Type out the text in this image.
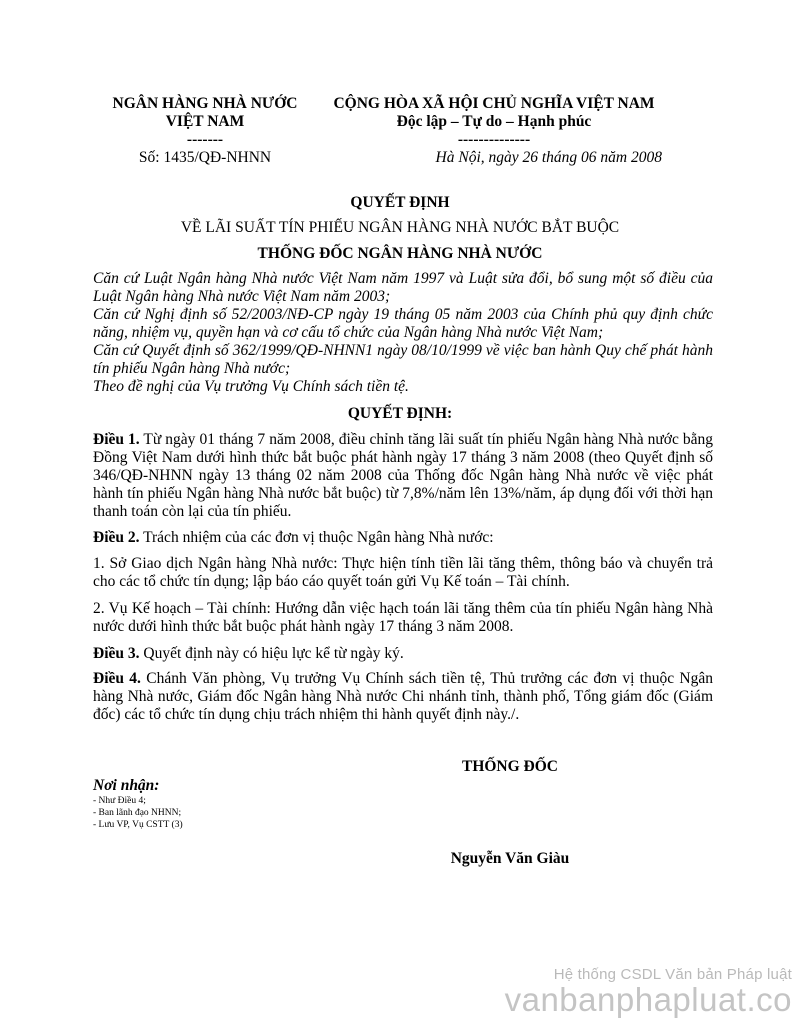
NGÂN HÀNG NHÀ NƯỚC
VIỆT NAM
-------
Số: 1435/QĐ-NHNN
CỘNG HÒA XÃ HỘI CHỦ NGHĨA VIỆT NAM
Độc lập – Tự do – Hạnh phúc
--------------
Hà Nội, ngày 26 tháng 06 năm 2008
QUYẾT ĐỊNH
VỀ LÃI SUẤT TÍN PHIẾU NGÂN HÀNG NHÀ NƯỚC BẮT BUỘC
THỐNG ĐỐC NGÂN HÀNG NHÀ NƯỚC

Căn cứ Luật Ngân hàng Nhà nước Việt Nam năm 1997 và Luật sửa đổi, bổ sung một số điều của Luật Ngân hàng Nhà nước Việt Nam năm 2003;

Căn cứ Nghị định số 52/2003/NĐ-CP ngày 19 tháng 05 năm 2003 của Chính phủ quy định chức năng, nhiệm vụ, quyền hạn và cơ cấu tổ chức của Ngân hàng Nhà nước Việt Nam;

Căn cứ Quyết định số 362/1999/QĐ-NHNN1 ngày 08/10/1999 về việc ban hành Quy chế phát hành tín phiếu Ngân hàng Nhà nước;

Theo đề nghị của Vụ trưởng Vụ Chính sách tiền tệ.

QUYẾT ĐỊNH:

Điều 1. Từ ngày 01 tháng 7 năm 2008, điều chỉnh tăng lãi suất tín phiếu Ngân hàng Nhà nước bằng Đồng Việt Nam dưới hình thức bắt buộc phát hành ngày 17 tháng 3 năm 2008 (theo Quyết định số 346/QĐ-NHNN ngày 13 tháng 02 năm 2008 của Thống đốc Ngân hàng Nhà nước về việc phát hành tín phiếu Ngân hàng Nhà nước bắt buộc) từ 7,8%/năm lên 13%/năm, áp dụng đối với thời hạn thanh toán còn lại của tín phiếu.

Điều 2. Trách nhiệm của các đơn vị thuộc Ngân hàng Nhà nước:

1. Sở Giao dịch Ngân hàng Nhà nước: Thực hiện tính tiền lãi tăng thêm, thông báo và chuyển trả cho các tổ chức tín dụng; lập báo cáo quyết toán gửi Vụ Kế toán – Tài chính.

2. Vụ Kế hoạch – Tài chính: Hướng dẫn việc hạch toán lãi tăng thêm của tín phiếu Ngân hàng Nhà nước dưới hình thức bắt buộc phát hành ngày 17 tháng 3 năm 2008.

Điều 3. Quyết định này có hiệu lực kể từ ngày ký.

Điều 4. Chánh Văn phòng, Vụ trưởng Vụ Chính sách tiền tệ, Thủ trưởng các đơn vị thuộc Ngân hàng Nhà nước, Giám đốc Ngân hàng Nhà nước Chi nhánh tỉnh, thành phố, Tổng giám đốc (Giám đốc) các tổ chức tín dụng chịu trách nhiệm thi hành quyết định này./.

THỐNG ĐỐC
Nguyễn Văn Giàu
Nơi nhận:
- Như Điều 4;
- Ban lãnh đạo NHNN;
- Lưu VP, Vụ CSTT (3)
Hệ thống CSDL Văn bản Pháp luật
vanbanphapluat.co
